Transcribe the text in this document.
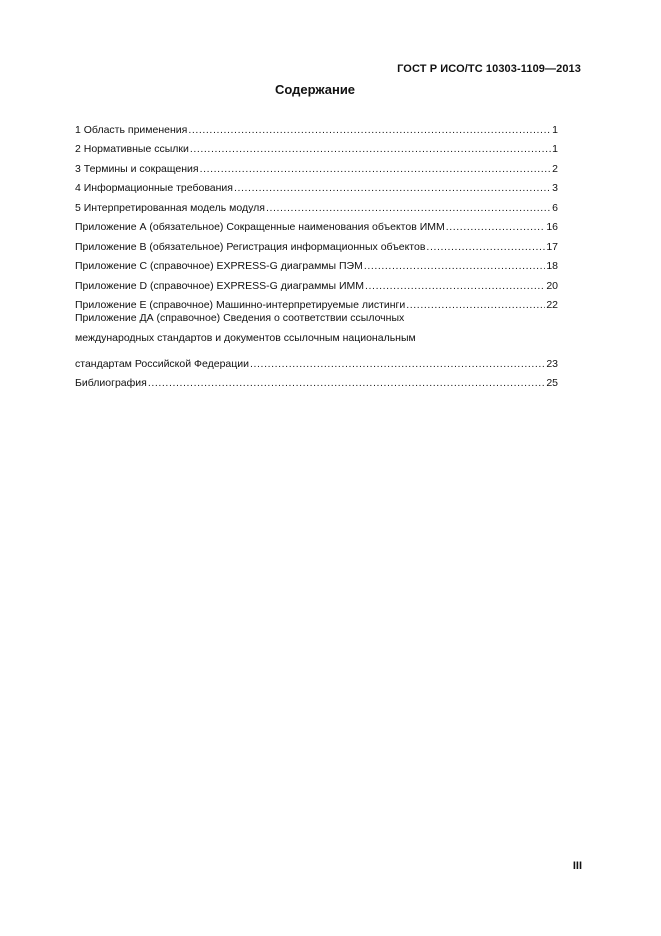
ГОСТ Р ИСО/ТС 10303-1109—2013
Содержание
1 Область применения .....	1
2 Нормативные ссылки .....	1
3 Термины и сокращения .....	2
4 Информационные требования .....	3
5 Интерпретированная модель модуля .....	6
Приложение А (обязательное) Сокращенные наименования объектов ИММ .....	16
Приложение В (обязательное) Регистрация информационных объектов .....	17
Приложение С (справочное) EXPRESS-G диаграммы ПЭМ .....	18
Приложение D (справочное) EXPRESS-G диаграммы ИММ .....	20
Приложение Е (справочное) Машинно-интерпретируемые листинги .....	22
Приложение ДА (справочное) Сведения о соответствии ссылочных
международных стандартов и документов ссылочным национальным
стандартам Российской Федерации .....	23
Библиография .....	25
III
